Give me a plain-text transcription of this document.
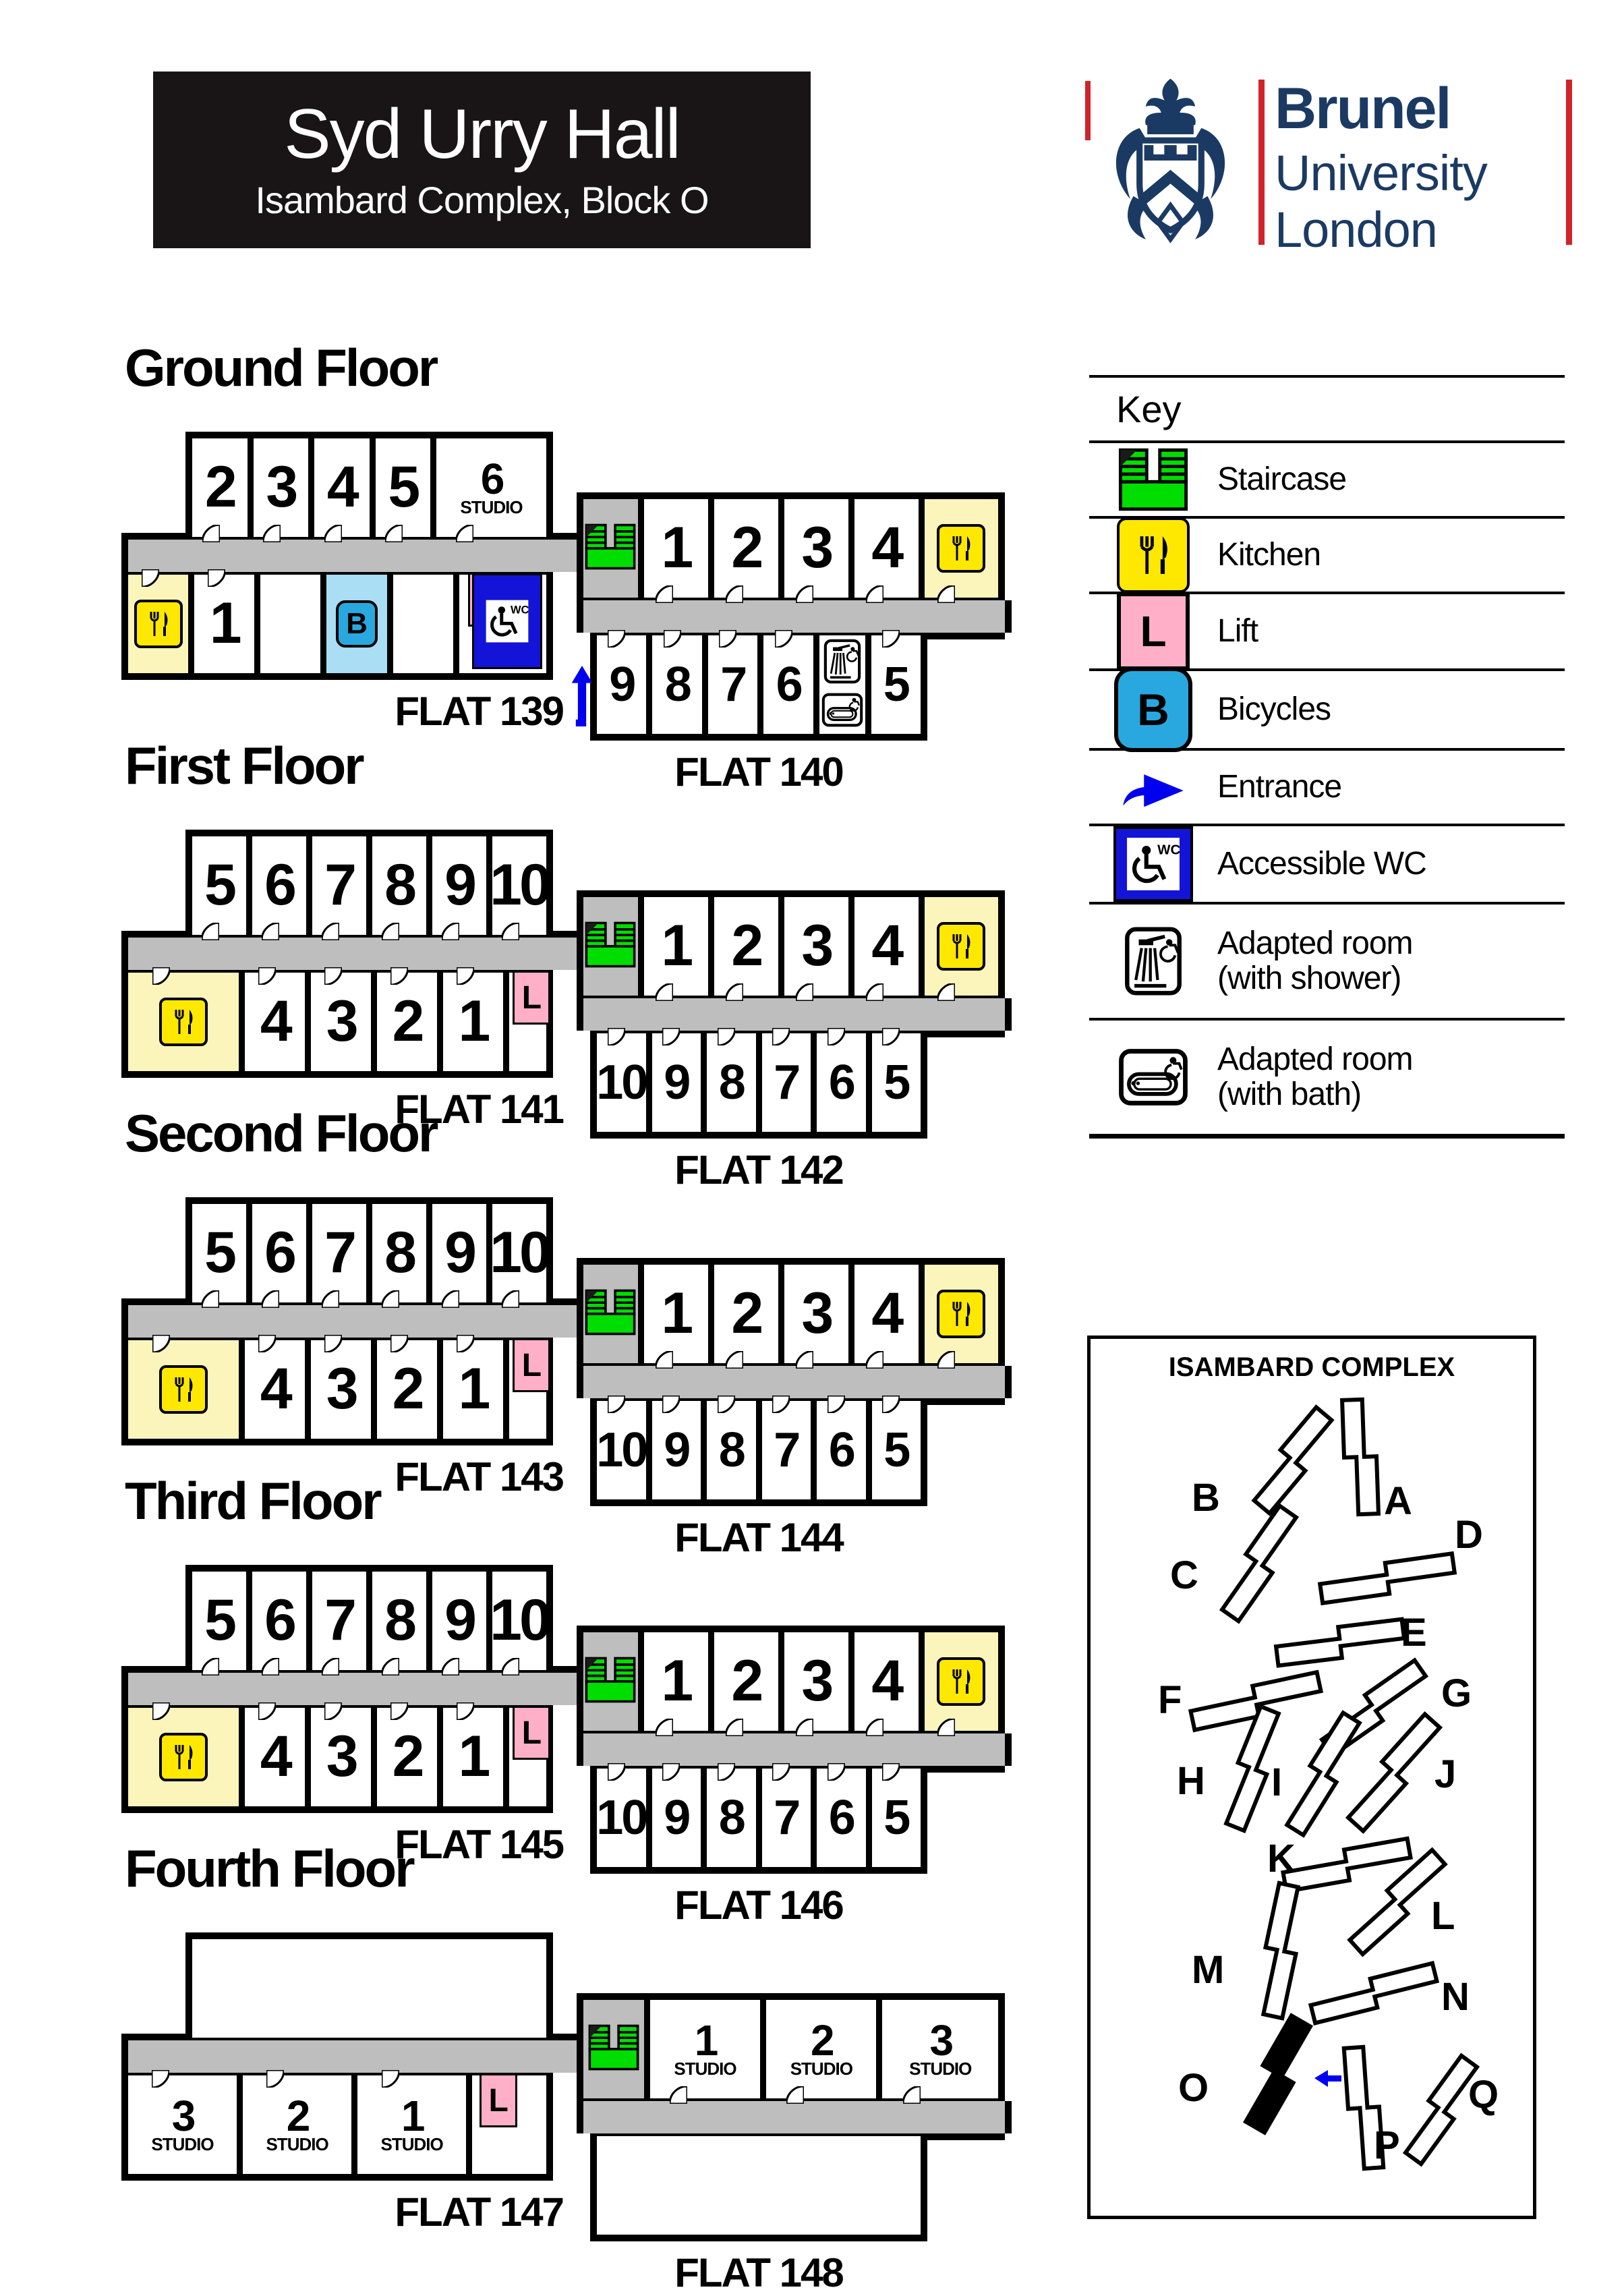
Syd Urry Hall
Isambard Complex, Block O
Brunel
University
London
Ground Floor
2 3 4 5 6
STUDIO
1	B	WC
1 2 3 4
9 8 7 6 5
FLAT 139
FLAT 140
First Floor
5 6 7 8 9 10
4 3 2 1 L
1 2 3 4
10 9 8 7 6 5
FLAT 141
FLAT 142
Second Floor
5 6 7 8 9 10
4 3 2 1 L
1 2 3 4
10 9 8 7 6 5
FLAT 143
FLAT 144
Third Floor
5 6 7 8 9 10
4 3 2 1 L
1 2 3 4
10 9 8 7 6 5
FLAT 145
FLAT 146
Fourth Floor
3
STUDIO
2
STUDIO
1
STUDIO
L
1
STUDIO
2
STUDIO
3
STUDIO
FLAT 147
FLAT 148
Key
Staircase
Kitchen
L	Lift
B	Bicycles
Entrance
WC Accessible WC
Adapted room
(with shower)
Adapted room
(with bath)
ISAMBARD COMPLEX
B	A
C
D
E
F	G
H I	J
K
L
M
N
O
P
Q
